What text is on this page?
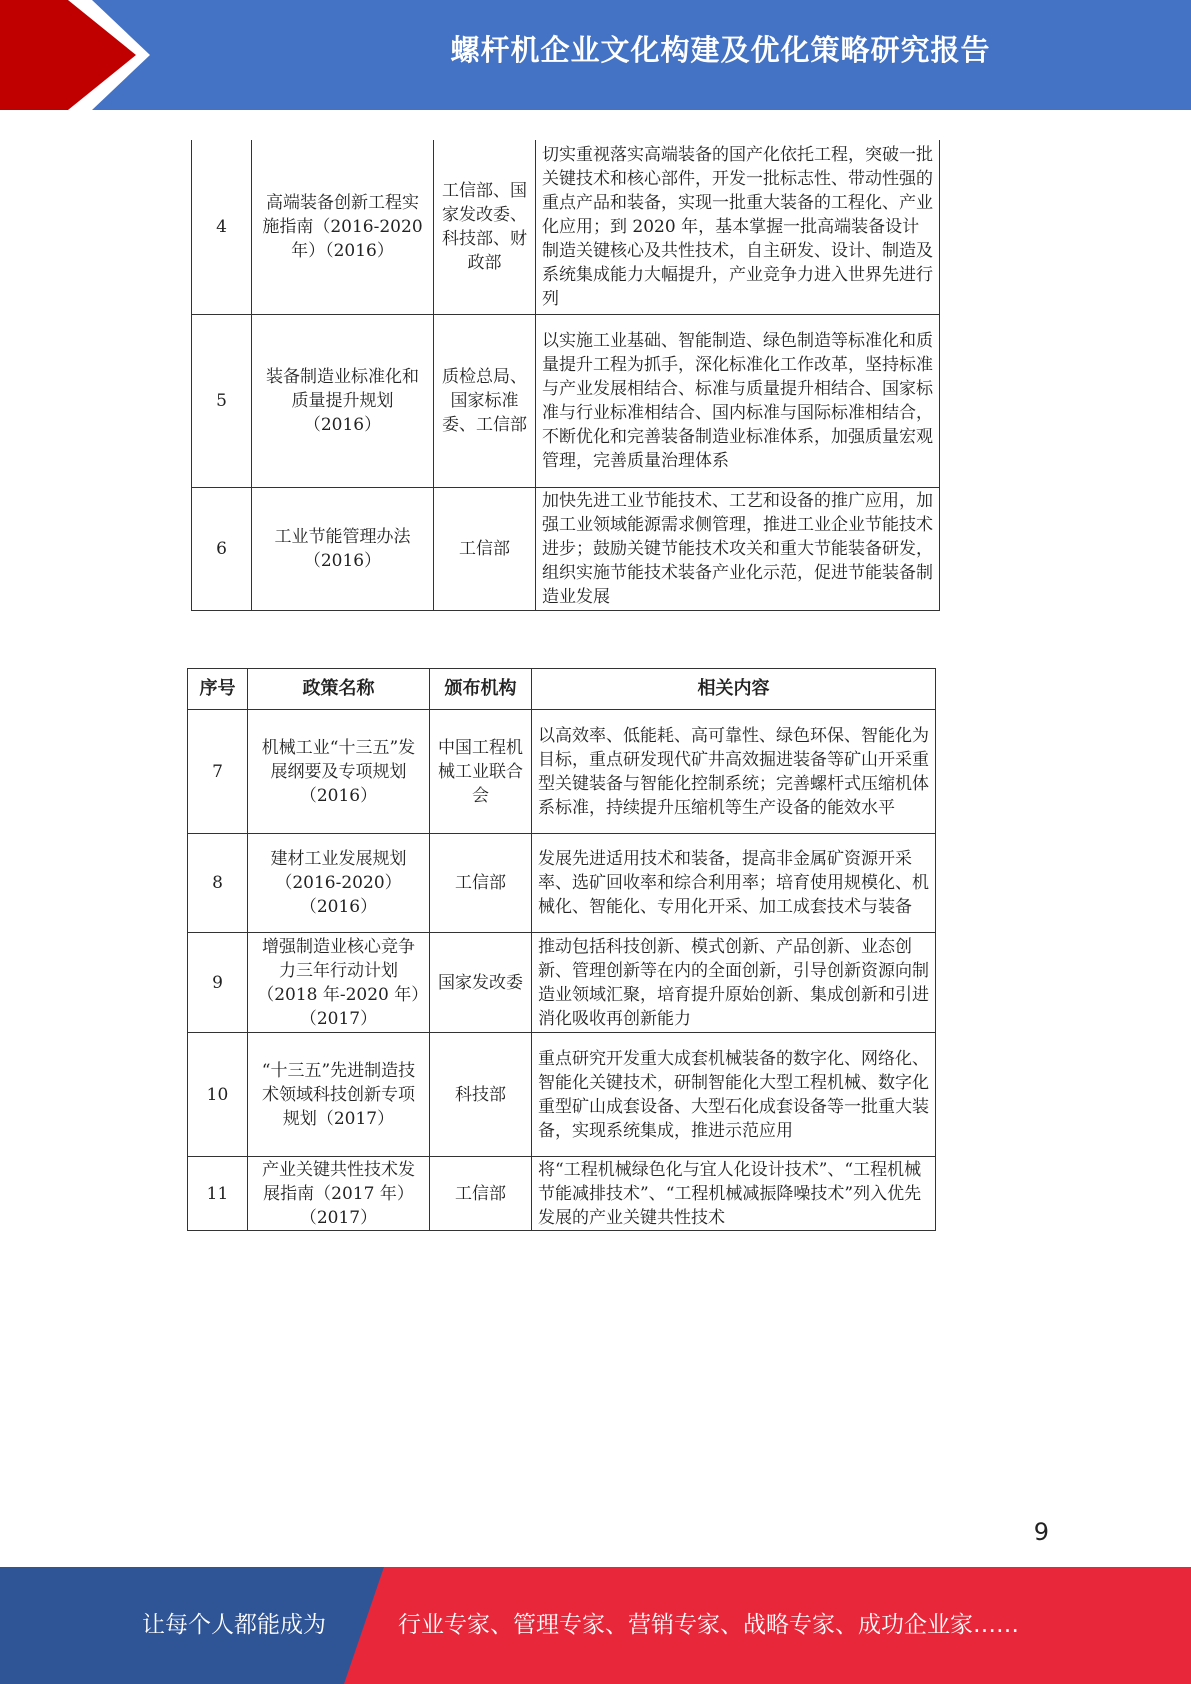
螺杆机企业文化构建及优化策略研究报告
4	高端装备创新工程实施指南（2016-2020 年）（2016）	工信部、国家发改委、科技部、财政部	切实重视落实高端装备的国产化依托工程，突破一批关键技术和核心部件，开发一批标志性、带动性强的重点产品和装备，实现一批重大装备的工程化、产业化应用；到 2020 年，基本掌握一批高端装备设计制造关键核心及共性技术，自主研发、设计、制造及系统集成能力大幅提升，产业竞争力进入世界先进行列
5	装备制造业标准化和质量提升规划（2016）	质检总局、国家标准委、工信部	以实施工业基础、智能制造、绿色制造等标准化和质量提升工程为抓手，深化标准化工作改革，坚持标准与产业发展相结合、标准与质量提升相结合、国家标准与行业标准相结合、国内标准与国际标准相结合，不断优化和完善装备制造业标准体系，加强质量宏观管理，完善质量治理体系
6	工业节能管理办法（2016）	工信部	加快先进工业节能技术、工艺和设备的推广应用，加强工业领域能源需求侧管理，推进工业企业节能技术进步；鼓励关键节能技术攻关和重大节能装备研发，组织实施节能技术装备产业化示范，促进节能装备制造业发展
序号	政策名称	颁布机构	相关内容
7	机械工业“十三五”发展纲要及专项规划（2016）	中国工程机械工业联合会	以高效率、低能耗、高可靠性、绿色环保、智能化为目标，重点研发现代矿井高效掘进装备等矿山开采重型关键装备与智能化控制系统；完善螺杆式压缩机体系标准，持续提升压缩机等生产设备的能效水平
8	建材工业发展规划（2016-2020）（2016）	工信部	发展先进适用技术和装备，提高非金属矿资源开采率、选矿回收率和综合利用率；培育使用规模化、机械化、智能化、专用化开采、加工成套技术与装备
9	增强制造业核心竞争力三年行动计划（2018 年-2020 年）（2017）	国家发改委	推动包括科技创新、模式创新、产品创新、业态创新、管理创新等在内的全面创新，引导创新资源向制造业领域汇聚，培育提升原始创新、集成创新和引进消化吸收再创新能力
10	“十三五”先进制造技术领域科技创新专项规划（2017）	科技部	重点研究开发重大成套机械装备的数字化、网络化、智能化关键技术，研制智能化大型工程机械、数字化重型矿山成套设备、大型石化成套设备等一批重大装备，实现系统集成，推进示范应用
11	产业关键共性技术发展指南（2017 年）（2017）	工信部	将“工程机械绿色化与宜人化设计技术”、“工程机械节能减排技术”、“工程机械减振降噪技术”列入优先发展的产业关键共性技术
9
让每个人都能成为	行业专家、管理专家、营销专家、战略专家、成功企业家……
